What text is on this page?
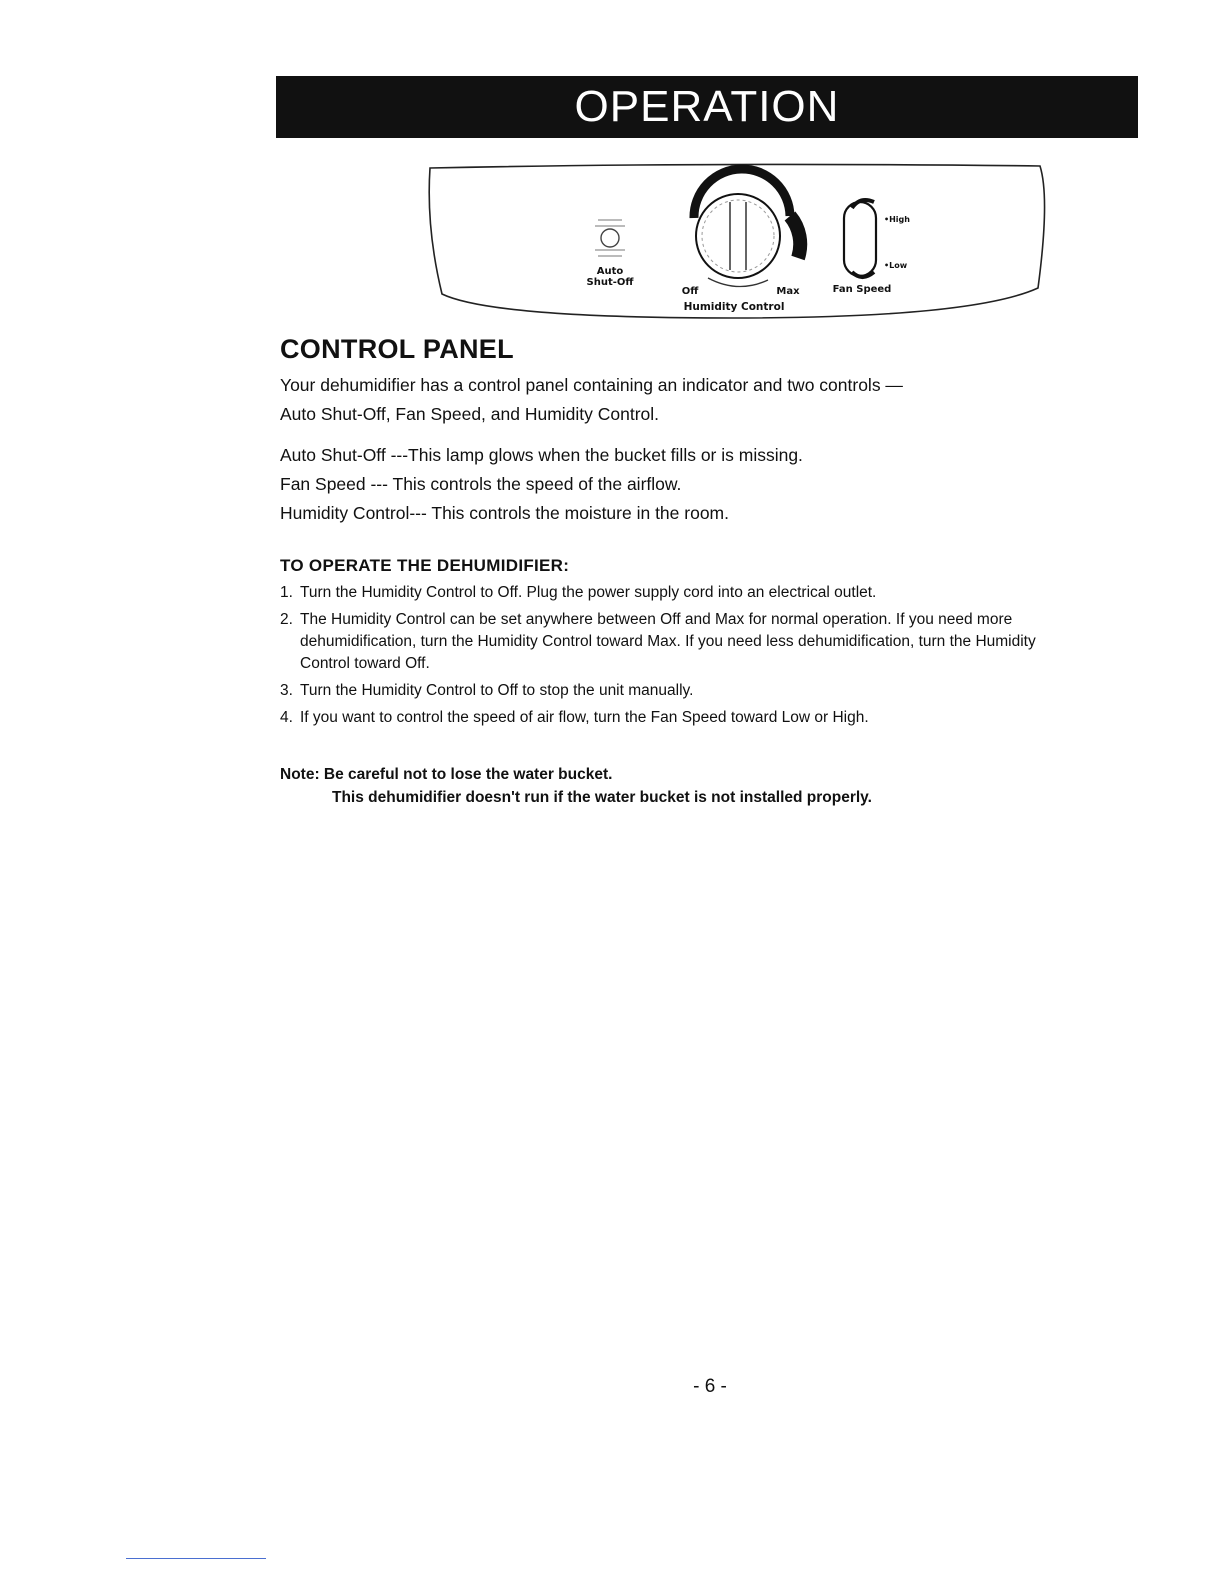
OPERATION
Auto
Shut-Off
Off	Max
Humidity Control
•High
•Low
Fan Speed
CONTROL PANEL

Your dehumidifier has a control panel containing an indicator and two controls —

Auto Shut-Off, Fan Speed, and Humidity Control.

Auto Shut-Off ---This lamp glows when the bucket fills or is missing.

Fan Speed --- This controls the speed of the airflow.

Humidity Control--- This controls the moisture in the room.

TO OPERATE THE DEHUMIDIFIER:
1. Turn the Humidity Control to Off. Plug the power supply cord into an electrical outlet.
2. The Humidity Control can be set anywhere between Off and Max for normal operation. If you need more dehumidification, turn the Humidity Control toward Max. If you need less dehumidification, turn the Humidity Control toward Off.
3. Turn the Humidity Control to Off to stop the unit manually.
4. If you want to control the speed of air flow, turn the Fan Speed toward Low or High.
Note: Be careful not to lose the water bucket.
This dehumidifier doesn't run if the water bucket is not installed properly.
- 6 -
